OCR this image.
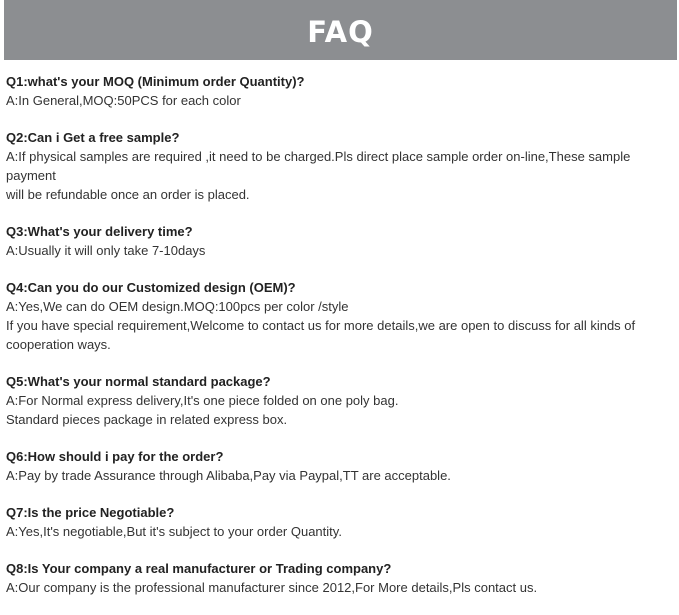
FAQ
Q1:what's your MOQ (Minimum order Quantity)?
A:In General,MOQ:50PCS for each color
Q2:Can i Get a free sample?
A:If physical samples are required ,it need to be charged.Pls direct place sample order on-line,These sample payment
will be refundable once an order is placed.
Q3:What's your delivery time?
A:Usually it will only take 7-10days
Q4:Can you do our Customized design (OEM)?
A:Yes,We can do OEM design.MOQ:100pcs per color /style
If you have special requirement,Welcome to contact us for more details,we are open to discuss for all kinds of
cooperation ways.
Q5:What's your normal standard package?
A:For Normal express delivery,It's one piece folded on one poly bag.
Standard pieces package in related express box.
Q6:How should i pay for the order?
A:Pay by trade Assurance through Alibaba,Pay via Paypal,TT are acceptable.
Q7:Is the price Negotiable?
A:Yes,It's negotiable,But it's subject to your order Quantity.
Q8:Is Your company a real manufacturer or Trading company?
A:Our company is the professional manufacturer since 2012,For More details,Pls contact us.
